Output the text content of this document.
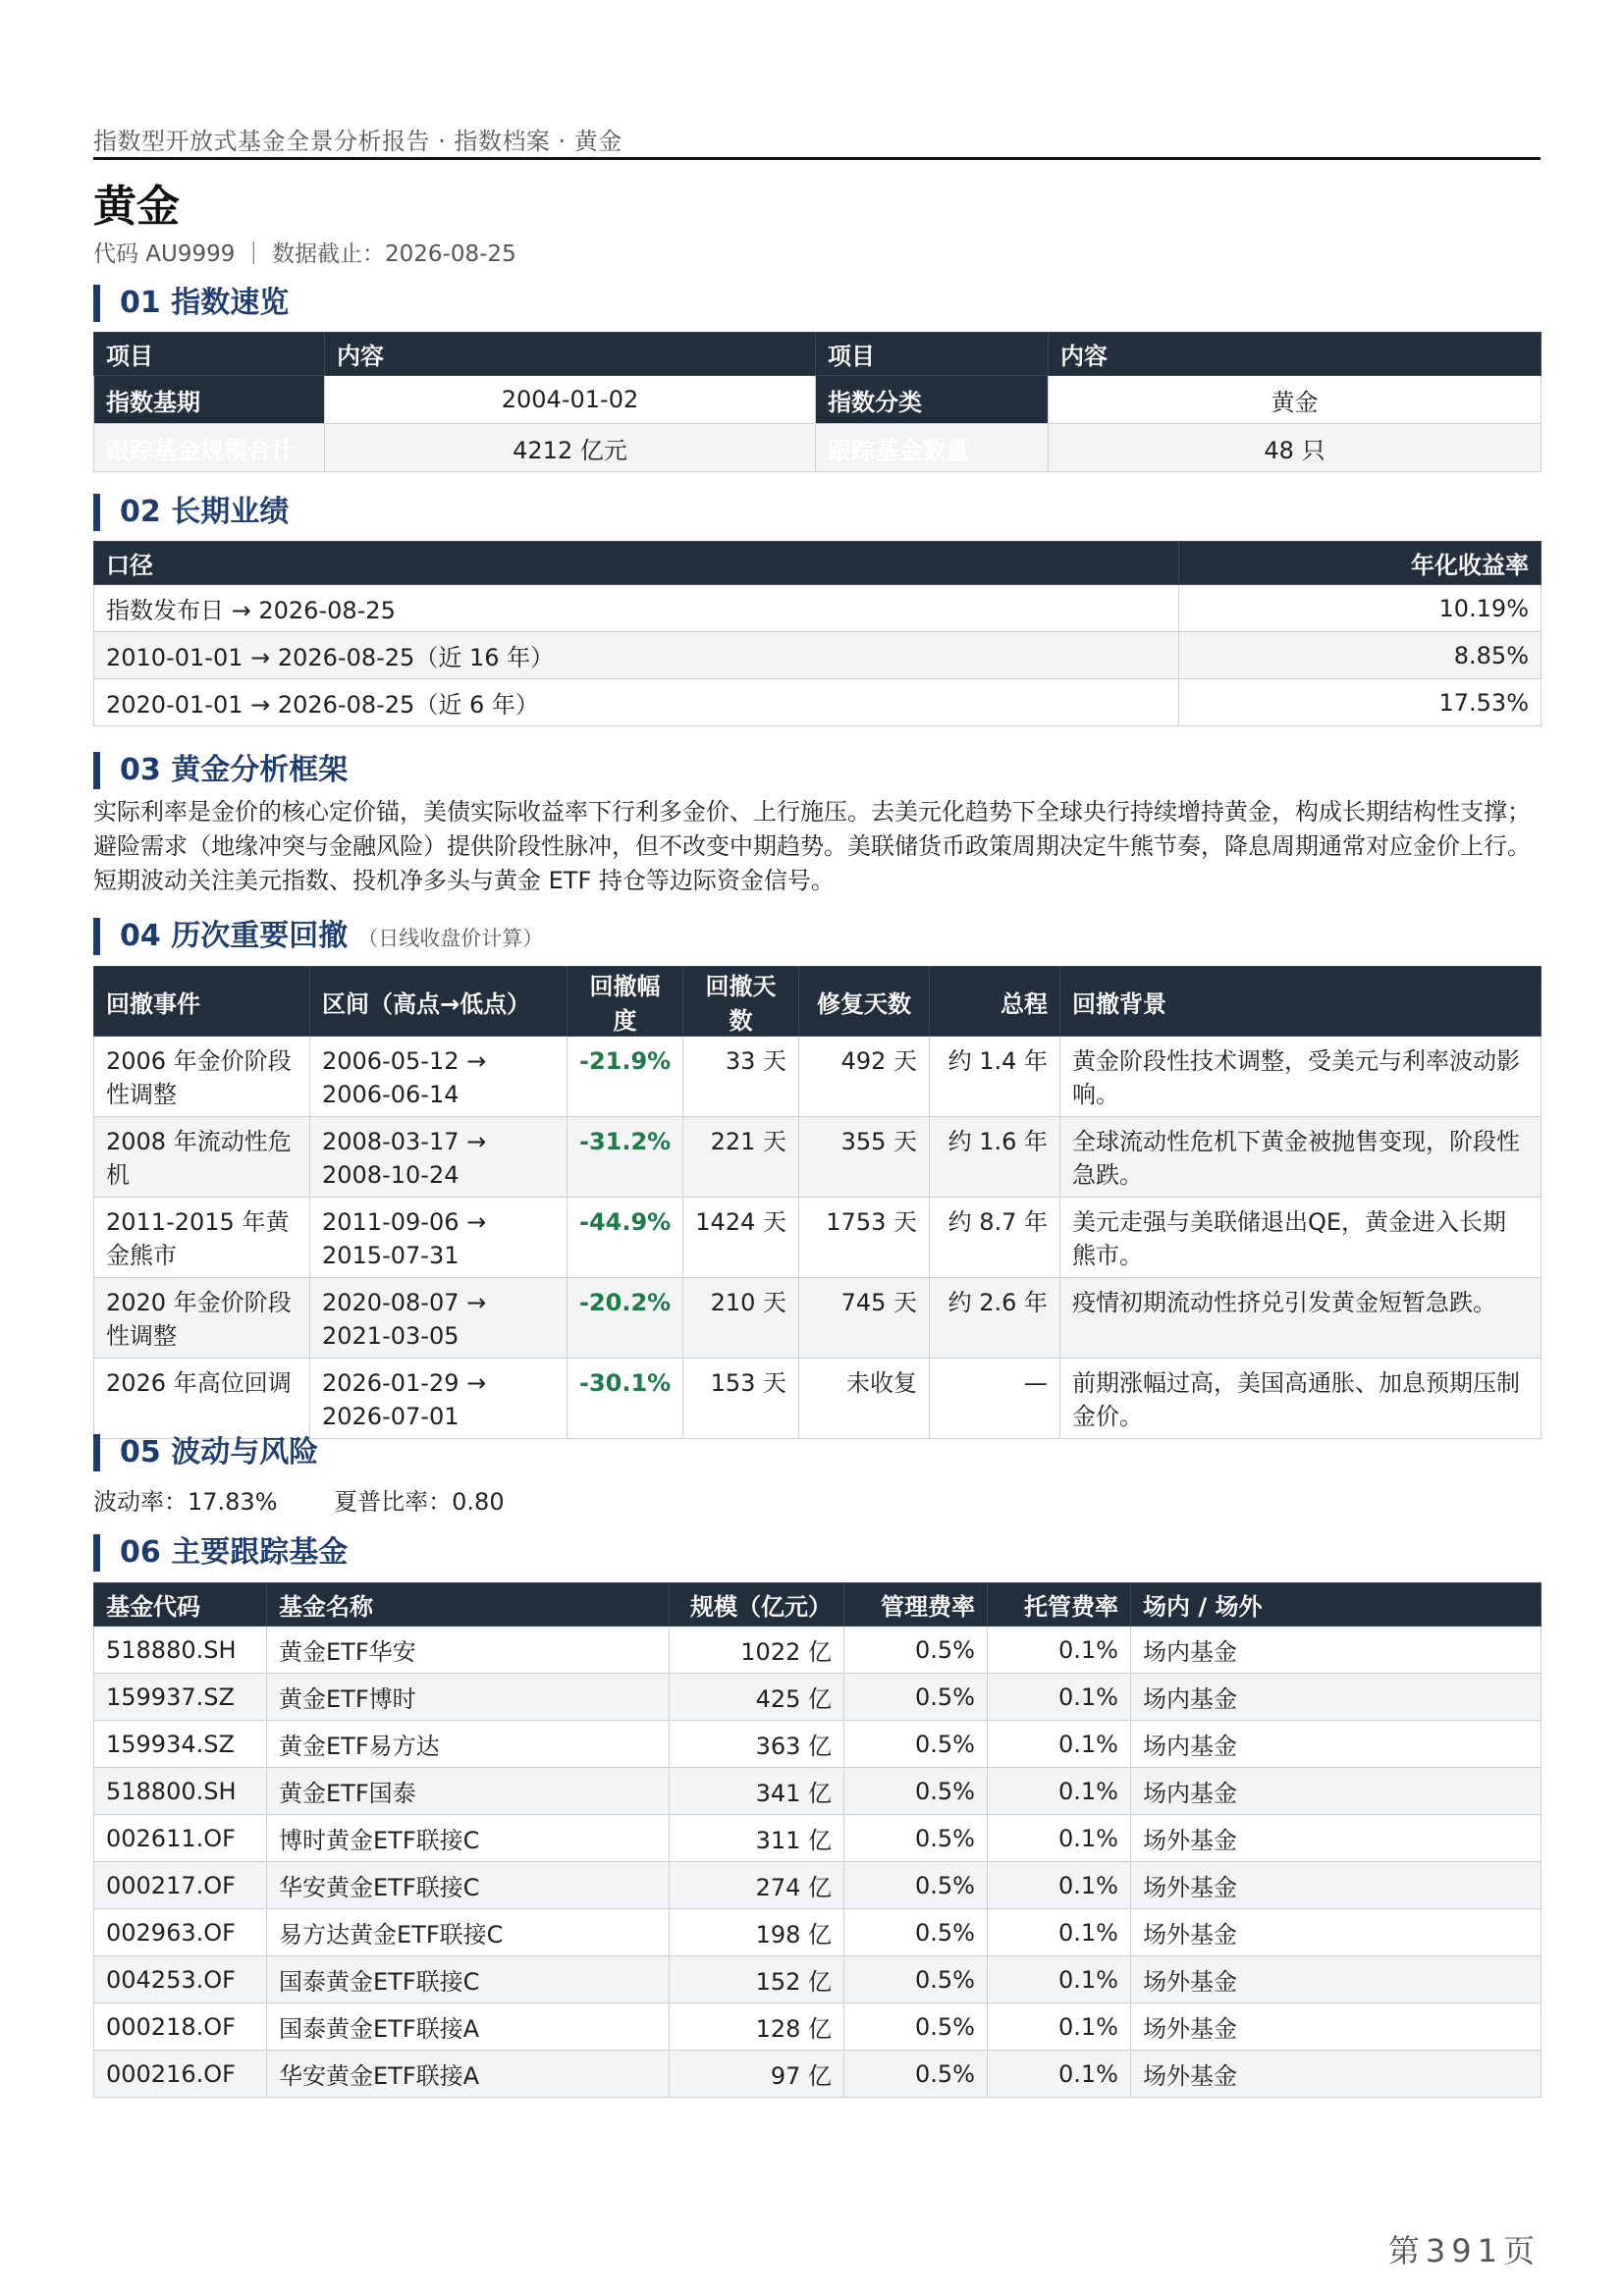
指数型开放式基金全景分析报告 · 指数档案 · 黄金
黄金
代码 AU9999 ｜ 数据截止：2026-08-25
01 指数速览
项目	内容	项目	内容
指数基期	2004-01-02	指数分类	黄金
跟踪基金规模合计	4212 亿元	跟踪基金数量	48 只
02 长期业绩
口径	年化收益率
指数发布日 → 2026-08-25	10.19%
2010-01-01 → 2026-08-25（近 16 年）	8.85%
2020-01-01 → 2026-08-25（近 6 年）	17.53%
03 黄金分析框架
实际利率是金价的核心定价锚，美债实际收益率下行利多金价、上行施压。去美元化趋势下全球央行持续增持黄金，构成长期结构性支撑；避险需求（地缘冲突与金融风险）提供阶段性脉冲，但不改变中期趋势。美联储货币政策周期决定牛熊节奏，降息周期通常对应金价上行。短期波动关注美元指数、投机净多头与黄金 ETF 持仓等边际资金信号。
04 历次重要回撤 （日线收盘价计算）
回撤事件	区间（高点→低点）	回撤幅度	回撤天数	修复天数	总程	回撤背景
2006 年金价阶段性调整	2006-05-12 → 2006-06-14	-21.9%	33 天	492 天	约 1.4 年	黄金阶段性技术调整，受美元与利率波动影响。
2008 年流动性危机	2008-03-17 → 2008-10-24	-31.2%	221 天	355 天	约 1.6 年	全球流动性危机下黄金被抛售变现，阶段性急跌。
2011-2015 年黄金熊市	2011-09-06 → 2015-07-31	-44.9%	1424 天	1753 天	约 8.7 年	美元走强与美联储退出QE，黄金进入长期熊市。
2020 年金价阶段性调整	2020-08-07 → 2021-03-05	-20.2%	210 天	745 天	约 2.6 年	疫情初期流动性挤兑引发黄金短暂急跌。
2026 年高位回调	2026-01-29 → 2026-07-01	-30.1%	153 天	未收复	—	前期涨幅过高，美国高通胀、加息预期压制金价。
05 波动与风险
波动率：17.83% 夏普比率：0.80
06 主要跟踪基金
基金代码	基金名称	规模（亿元）	管理费率	托管费率	场内 / 场外
518880.SH	黄金ETF华安	1022 亿	0.5%	0.1%	场内基金
159937.SZ	黄金ETF博时	425 亿	0.5%	0.1%	场内基金
159934.SZ	黄金ETF易方达	363 亿	0.5%	0.1%	场内基金
518800.SH	黄金ETF国泰	341 亿	0.5%	0.1%	场内基金
002611.OF	博时黄金ETF联接C	311 亿	0.5%	0.1%	场外基金
000217.OF	华安黄金ETF联接C	274 亿	0.5%	0.1%	场外基金
002963.OF	易方达黄金ETF联接C	198 亿	0.5%	0.1%	场外基金
004253.OF	国泰黄金ETF联接C	152 亿	0.5%	0.1%	场外基金
000218.OF	国泰黄金ETF联接A	128 亿	0.5%	0.1%	场外基金
000216.OF	华安黄金ETF联接A	97 亿	0.5%	0.1%	场外基金
第391页
